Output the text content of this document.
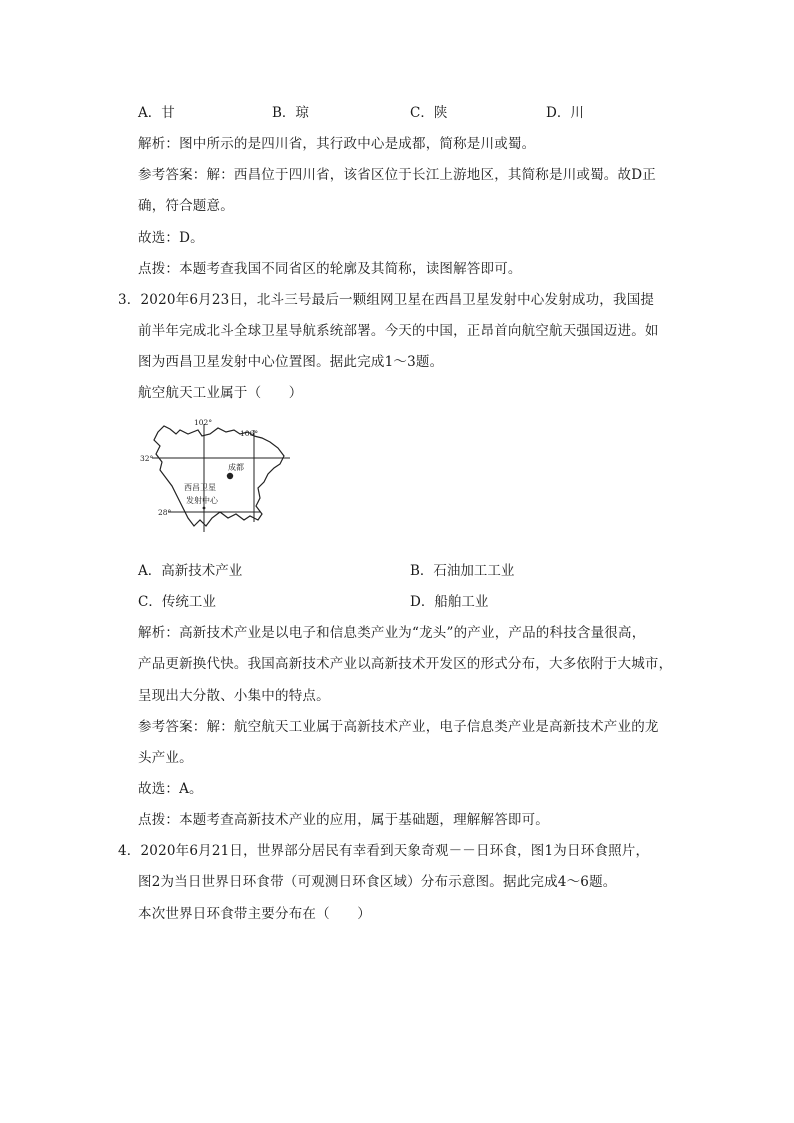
A．甘	B．琼	C．陕	D．川
解析：图中所示的是四川省，其行政中心是成都，简称是川或蜀。
参考答案：解：西昌位于四川省，该省区位于长江上游地区，其简称是川或蜀。故D正
确，符合题意。
故选：D。
点拨：本题考查我国不同省区的轮廓及其简称，读图解答即可。
3．2020年6月23日，北斗三号最后一颗组网卫星在西昌卫星发射中心发射成功，我国提
前半年完成北斗全球卫星导航系统部署。今天的中国，正昂首向航空航天强国迈进。如
图为西昌卫星发射中心位置图。据此完成1～3题。
航空航天工业属于（　　）
102°
106°
32°
28°
成都
西昌卫星
发射中心
A．高新技术产业	B．石油加工工业
C．传统工业	D．船舶工业
解析：高新技术产业是以电子和信息类产业为“龙头”的产业，产品的科技含量很高，
产品更新换代快。我国高新技术产业以高新技术开发区的形式分布，大多依附于大城市，
呈现出大分散、小集中的特点。
参考答案：解：航空航天工业属于高新技术产业，电子信息类产业是高新技术产业的龙
头产业。
故选：A。
点拨：本题考查高新技术产业的应用，属于基础题，理解解答即可。
4．2020年6月21日，世界部分居民有幸看到天象奇观－－日环食，图1为日环食照片，
图2为当日世界日环食带（可观测日环食区域）分布示意图。据此完成4～6题。
本次世界日环食带主要分布在（　　）
